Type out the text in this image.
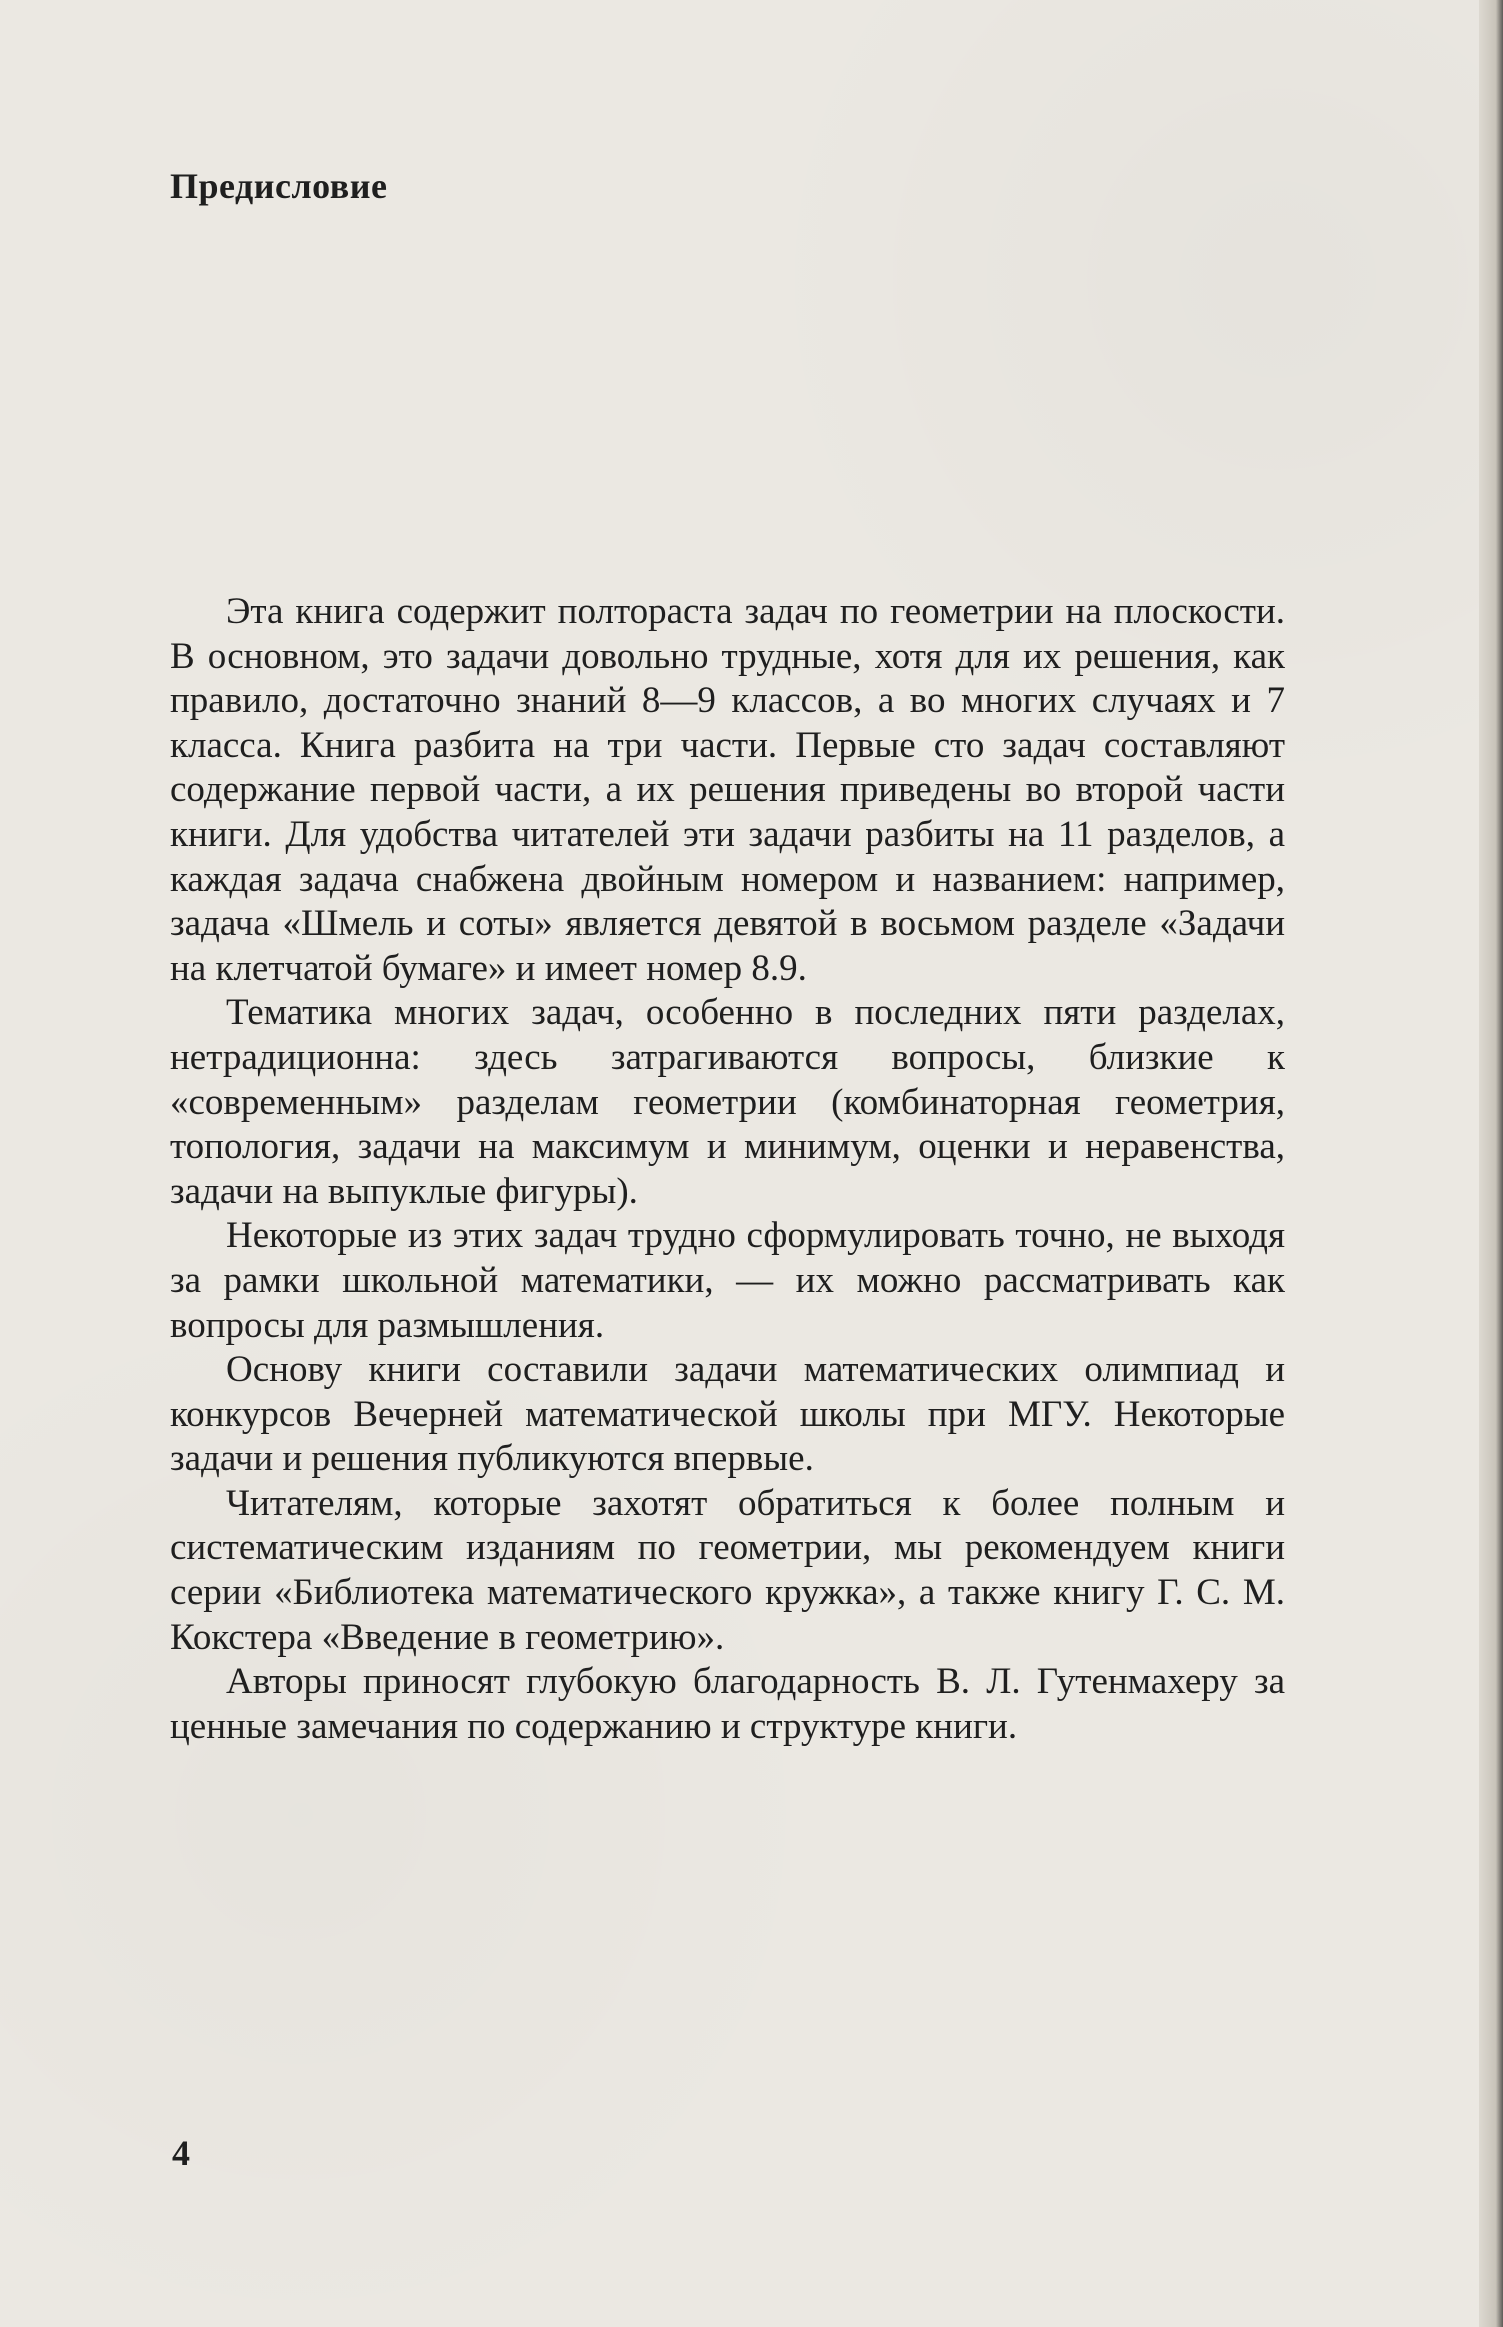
Предисловие

Эта книга содержит полтораста задач по геометрии на плоскости. В основном, это задачи довольно трудные, хотя для их решения, как правило, достаточно знаний 8—9 классов, а во многих случаях и 7 класса. Книга разбита на три части. Первые сто задач составляют содержание первой части, а их решения приведены во второй части книги. Для удобства читателей эти задачи разбиты на 11 разделов, а каждая задача снабжена двойным номером и названием: например, задача «Шмель и соты» является девятой в восьмом разделе «Задачи на клетчатой бумаге» и имеет номер 8.9.

Тематика многих задач, особенно в последних пяти разделах, нетрадиционна: здесь затрагиваются вопросы, близкие к «современным» разделам геометрии (комбинаторная геометрия, топология, задачи на максимум и минимум, оценки и неравенства, задачи на выпуклые фигуры).

Некоторые из этих задач трудно сформулировать точно, не выходя за рамки школьной математики, — их можно рассматривать как вопросы для размышления.

Основу книги составили задачи математических олимпиад и конкурсов Вечерней математической школы при МГУ. Некоторые задачи и решения публикуются впервые.

Читателям, которые захотят обратиться к более полным и систематическим изданиям по геометрии, мы рекомендуем книги серии «Библиотека математического кружка», а также книгу Г. С. М. Кокстера «Введение в геометрию».

Авторы приносят глубокую благодарность В. Л. Гутенмахеру за ценные замечания по содержанию и структуре книги.

4
